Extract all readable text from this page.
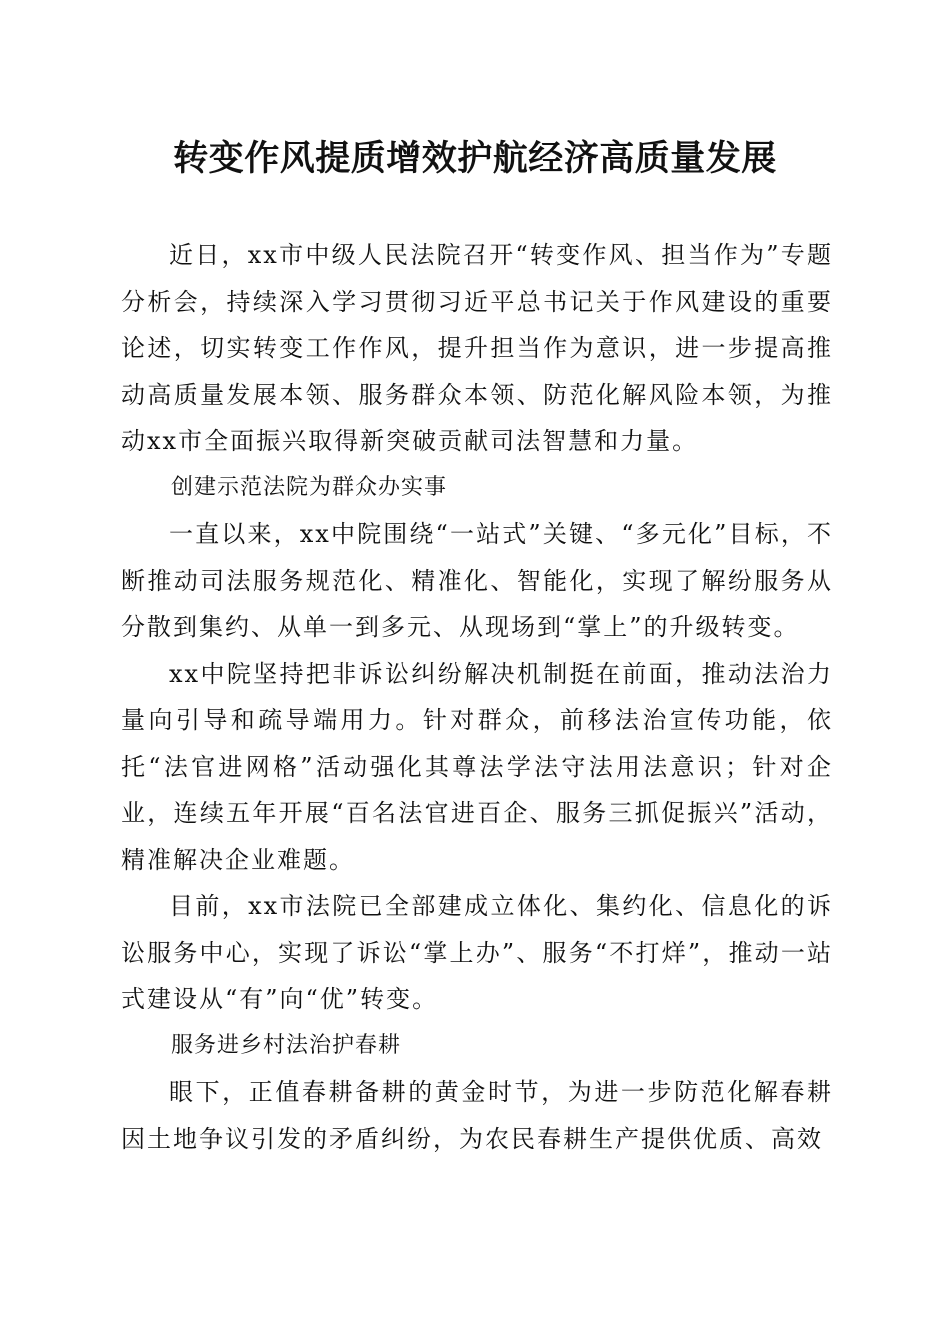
转变作风提质增效护航经济高质量发展

近日，xx市中级人民法院召开“转变作风、担当作为”专题分析会，持续深入学习贯彻习近平总书记关于作风建设的重要论述，切实转变工作作风，提升担当作为意识，进一步提高推动高质量发展本领、服务群众本领、防范化解风险本领，为推动xx市全面振兴取得新突破贡献司法智慧和力量。

创建示范法院为群众办实事

一直以来，xx中院围绕“一站式”关键、“多元化”目标，不断推动司法服务规范化、精准化、智能化，实现了解纷服务从分散到集约、从单一到多元、从现场到“掌上”的升级转变。

xx中院坚持把非诉讼纠纷解决机制挺在前面，推动法治力量向引导和疏导端用力。针对群众，前移法治宣传功能，依托“法官进网格”活动强化其尊法学法守法用法意识；针对企业，连续五年开展“百名法官进百企、服务三抓促振兴”活动，精准解决企业难题。

目前，xx市法院已全部建成立体化、集约化、信息化的诉讼服务中心，实现了诉讼“掌上办”、服务“不打烊”，推动一站式建设从“有”向“优”转变。

服务进乡村法治护春耕

眼下，正值春耕备耕的黄金时节，为进一步防范化解春耕因土地争议引发的矛盾纠纷，为农民春耕生产提供优质、高效
